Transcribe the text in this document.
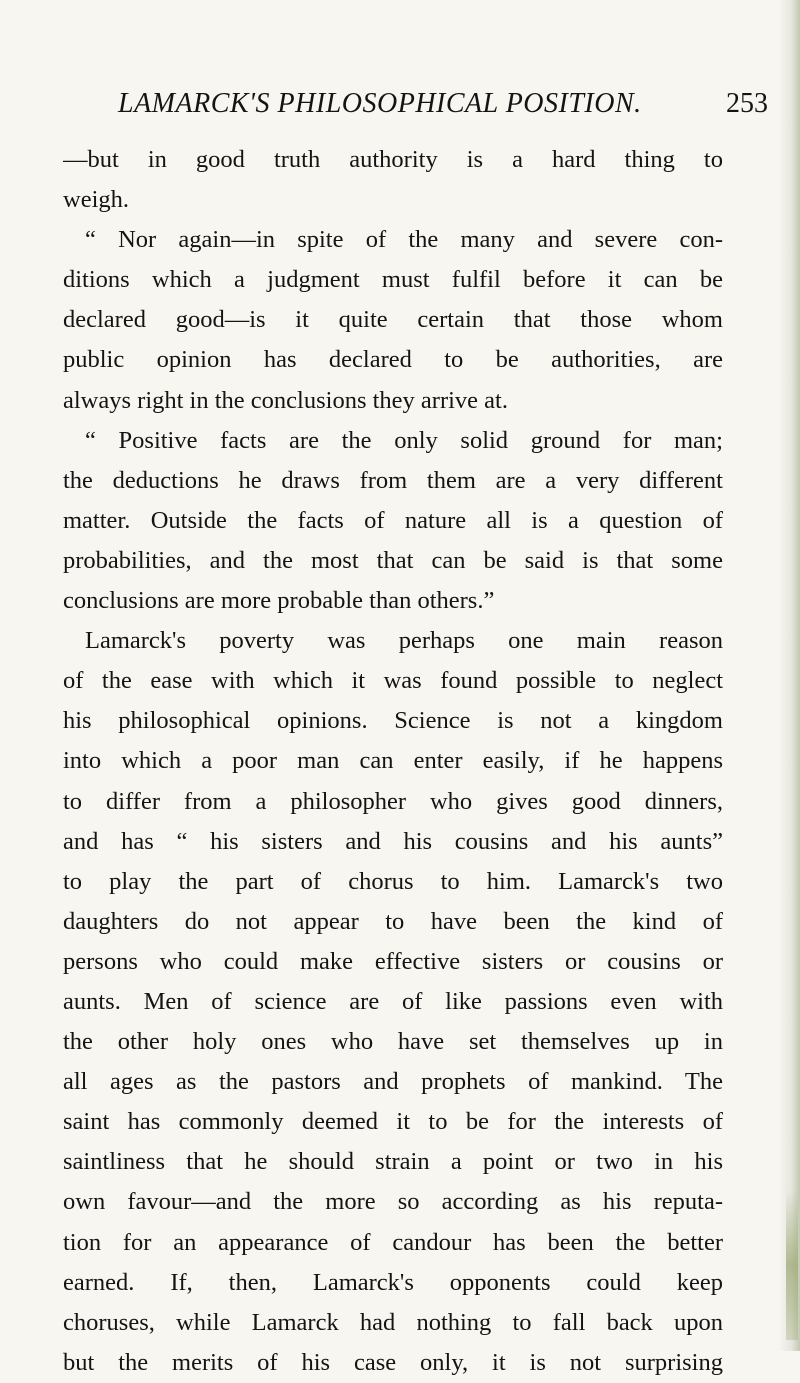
LAMARCK'S PHILOSOPHICAL POSITION.	253
—but in good truth authority is a hard thing to
weigh.
“ Nor again—in spite of the many and severe con-
ditions which a judgment must fulfil before it can be
declared good—is it quite certain that those whom
public opinion has declared to be authorities, are
always right in the conclusions they arrive at.
“ Positive facts are the only solid ground for man;
the deductions he draws from them are a very different
matter. Outside the facts of nature all is a question of
probabilities, and the most that can be said is that some
conclusions are more probable than others.”
Lamarck's poverty was perhaps one main reason
of the ease with which it was found possible to neglect
his philosophical opinions. Science is not a kingdom
into which a poor man can enter easily, if he happens
to differ from a philosopher who gives good dinners,
and has “ his sisters and his cousins and his aunts”
to play the part of chorus to him. Lamarck's two
daughters do not appear to have been the kind of
persons who could make effective sisters or cousins or
aunts. Men of science are of like passions even with
the other holy ones who have set themselves up in
all ages as the pastors and prophets of mankind. The
saint has commonly deemed it to be for the interests of
saintliness that he should strain a point or two in his
own favour—and the more so according as his reputa-
tion for an appearance of candour has been the better
earned. If, then, Lamarck's opponents could keep
choruses, while Lamarck had nothing to fall back upon
but the merits of his case only, it is not surprising
